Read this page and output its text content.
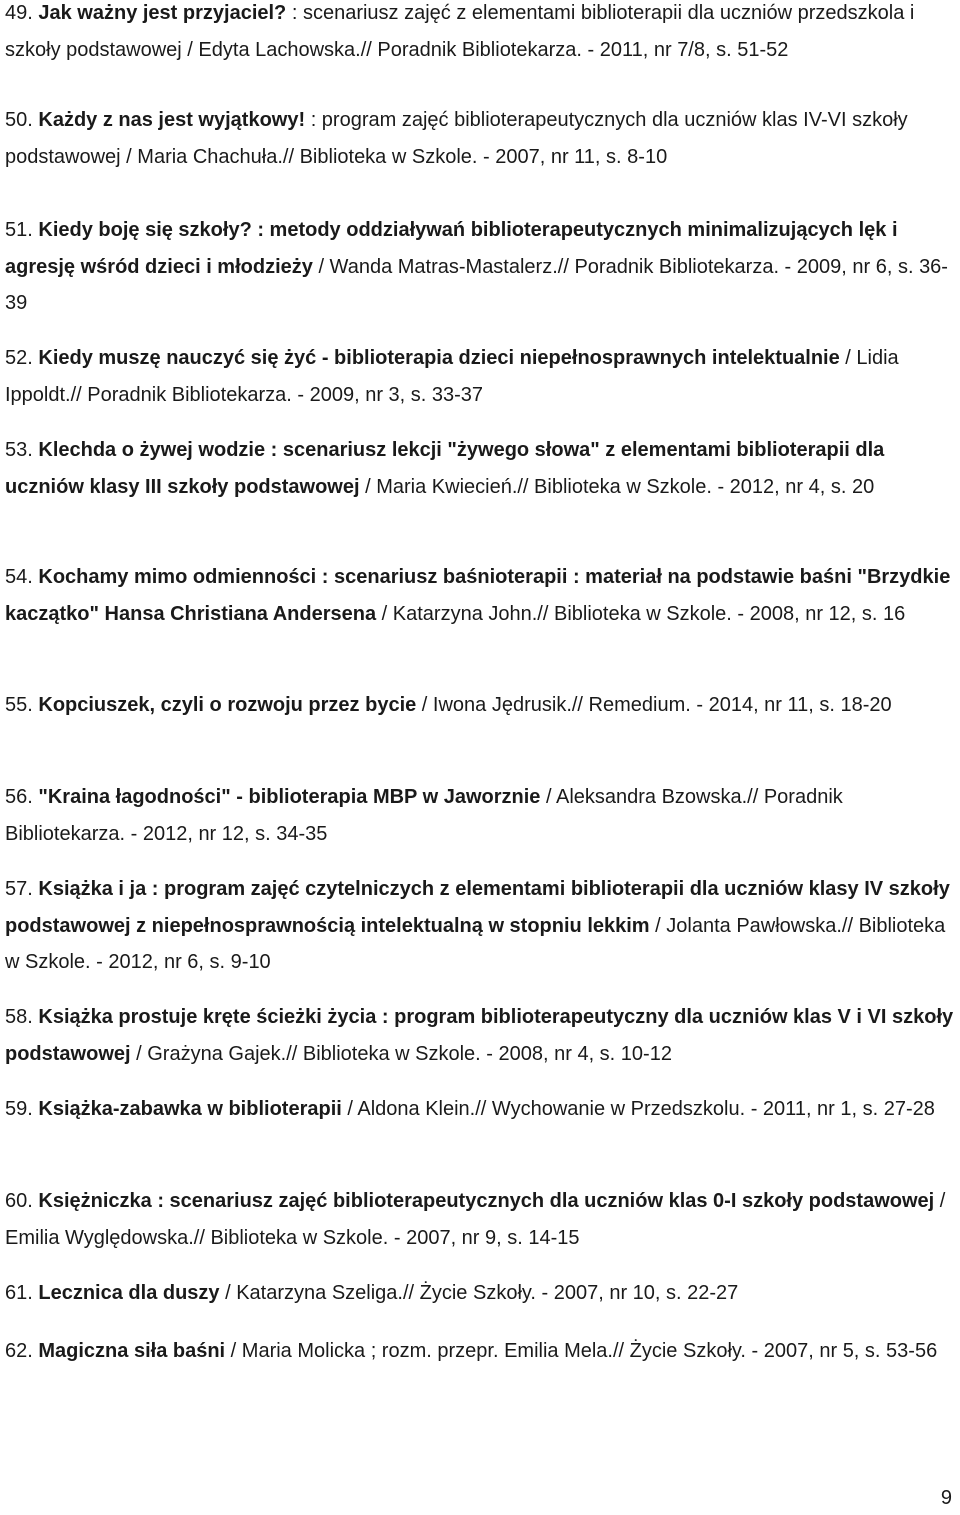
49. Jak ważny jest przyjaciel? : scenariusz zajęć z elementami biblioterapii dla uczniów przedszkola i szkoły podstawowej / Edyta Lachowska.// Poradnik Bibliotekarza. - 2011, nr 7/8, s. 51-52
50. Każdy z nas jest wyjątkowy! : program zajęć biblioterapeutycznych dla uczniów klas IV-VI szkoły podstawowej / Maria Chachuła.// Biblioteka w Szkole. - 2007, nr 11, s. 8-10
51. Kiedy boję się szkoły? : metody oddziaływań biblioterapeutycznych minimalizujących lęk i agresję wśród dzieci i młodzieży / Wanda Matras-Mastalerz.// Poradnik Bibliotekarza. - 2009, nr 6, s. 36-39
52. Kiedy muszę nauczyć się żyć - biblioterapia dzieci niepełnosprawnych intelektualnie / Lidia Ippoldt.// Poradnik Bibliotekarza. - 2009, nr 3, s. 33-37
53. Klechda o żywej wodzie : scenariusz lekcji "żywego słowa" z elementami biblioterapii dla uczniów klasy III szkoły podstawowej / Maria Kwiecień.// Biblioteka w Szkole. - 2012, nr 4, s. 20
54. Kochamy mimo odmienności : scenariusz baśnioterapii : materiał na podstawie baśni "Brzydkie kaczątko" Hansa Christiana Andersena / Katarzyna John.// Biblioteka w Szkole. - 2008, nr 12, s. 16
55. Kopciuszek, czyli o rozwoju przez bycie / Iwona Jędrusik.// Remedium. - 2014, nr 11, s. 18-20
56. "Kraina łagodności" - biblioterapia MBP w Jaworznie / Aleksandra Bzowska.// Poradnik Bibliotekarza. - 2012, nr 12, s. 34-35
57. Książka i ja : program zajęć czytelniczych z elementami biblioterapii dla uczniów klasy IV szkoły podstawowej z niepełnosprawnością intelektualną w stopniu lekkim / Jolanta Pawłowska.// Biblioteka w Szkole. - 2012, nr 6, s. 9-10
58. Książka prostuje kręte ścieżki życia : program biblioterapeutyczny dla uczniów klas V i VI szkoły podstawowej / Grażyna Gajek.// Biblioteka w Szkole. - 2008, nr 4, s. 10-12
59. Książka-zabawka w biblioterapii / Aldona Klein.// Wychowanie w Przedszkolu. - 2011, nr 1, s. 27-28
60. Księżniczka : scenariusz zajęć biblioterapeutycznych dla uczniów klas 0-I szkoły podstawowej / Emilia Wyględowska.// Biblioteka w Szkole. - 2007, nr 9, s. 14-15
61. Lecznica dla duszy / Katarzyna Szeliga.// Życie Szkoły. - 2007, nr 10, s. 22-27
62. Magiczna siła baśni / Maria Molicka ; rozm. przepr. Emilia Mela.// Życie Szkoły. - 2007, nr 5, s. 53-56
9
